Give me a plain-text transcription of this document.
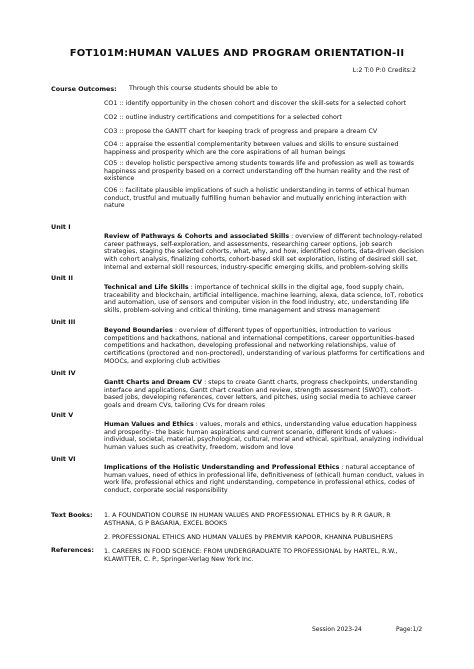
FOT101M:HUMAN VALUES AND PROGRAM ORIENTATION-II
L:2 T:0 P:0 Credits:2
Course Outcomes: Through this course students should be able to
CO1 :: identify opportunity in the chosen cohort and discover the skill-sets for a selected cohort
CO2 :: outline industry certifications and competitions for a selected cohort
CO3 :: propose the GANTT chart for keeping track of progress and prepare a dream CV
CO4 :: appraise the essential complementarity between values and skills to ensure sustained happiness and prosperity which are the core aspirations of all human beings
CO5 :: develop holistic perspective among students towards life and profession as well as towards happiness and prosperity based on a correct understanding off the human reality and the rest of existence
CO6 :: facilitate plausible implications of such a holistic understanding in terms of ethical human conduct, trustful and mutually fulfilling human behavior and mutually enriching interaction with nature
Unit I
Review of Pathways & Cohorts and associated Skills : overview of different technology-related career pathways, self-exploration, and assessments, researching career options, job search strategies, staging the selected cohorts, what, why, and how, identified cohorts, data-driven decision with cohort analysis, finalizing cohorts, cohort-based skill set exploration, listing of desired skill set, Internal and external skill resources, industry-specific emerging skills, and problem-solving skills
Unit II
Technical and Life Skills : importance of technical skills in the digital age, food supply chain, traceability and blockchain, artificial intelligence, machine learning, alexa, data science, IoT, robotics and automation, use of sensors and computer vision in the food industry, etc, understanding life skills, problem-solving and critical thinking, time management and stress management
Unit III
Beyond Boundaries : overview of different types of opportunities, introduction to various competitions and hackathons, national and international competitions, career opportunities-based competitions and hackathon, developing professional and networking relationships, value of certifications (proctored and non-proctored), understanding of various platforms for certifications and MOOCs, and exploring club activities
Unit IV
Gantt Charts and Dream CV : steps to create Gantt charts, progress checkpoints, understanding interface and applications, Gantt chart creation and review, strength assessment (SWOT), cohort-based jobs, developing references, cover letters, and pitches, using social media to achieve career goals and dream CVs, tailoring CVs for dream roles
Unit V
Human Values and Ethics : values, morals and ethics, understanding value education happiness and prosperity:- the basic human aspirations and current scenario, different kinds of values:- individual, societal, material, psychological, cultural, moral and ethical, spiritual, analyzing individual human values such as creativity, freedom, wisdom and love
Unit VI
Implications of the Holistic Understanding and Professional Ethics : natural acceptance of human values, need of ethics in professional life, definitiveness of (ethical) human conduct, values in work life, professional ethics and right understanding, competence in professional ethics, codes of conduct, corporate social responsibility
Text Books: 1. A FOUNDATION COURSE IN HUMAN VALUES AND PROFESSIONAL ETHICS by R R GAUR, R ASTHANA, G P BAGARIA, EXCEL BOOKS
2. PROFESSIONAL ETHICS AND HUMAN VALUES by PREMVIR KAPOOR, KHANNA PUBLISHERS
References: 1. CAREERS IN FOOD SCIENCE: FROM UNDERGRADUATE TO PROFESSIONAL by HARTEL, R.W., KLAWITTER, C. P., Springer-Verlag New York Inc.
Session 2023-24	Page:1/2
